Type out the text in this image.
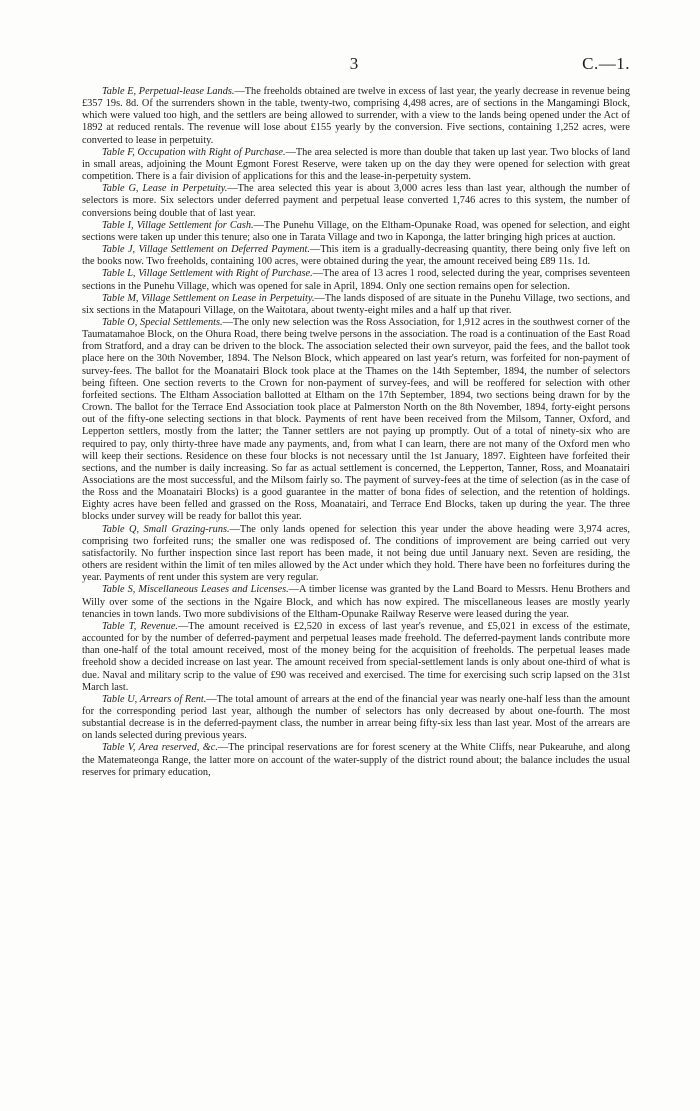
3	C.—1.

Table E, Perpetual-lease Lands.—The freeholds obtained are twelve in excess of last year, the yearly decrease in revenue being £357 19s. 8d. Of the surrenders shown in the table, twenty-two, comprising 4,498 acres, are of sections in the Mangamingi Block, which were valued too high, and the settlers are being allowed to surrender, with a view to the lands being opened under the Act of 1892 at reduced rentals. The revenue will lose about £155 yearly by the conversion. Five sections, containing 1,252 acres, were converted to lease in perpetuity.

Table F, Occupation with Right of Purchase.—The area selected is more than double that taken up last year. Two blocks of land in small areas, adjoining the Mount Egmont Forest Reserve, were taken up on the day they were opened for selection with great competition. There is a fair division of applications for this and the lease-in-perpetuity system.

Table G, Lease in Perpetuity.—The area selected this year is about 3,000 acres less than last year, although the number of selectors is more. Six selectors under deferred payment and perpetual lease converted 1,746 acres to this system, the number of conversions being double that of last year.

Table I, Village Settlement for Cash.—The Punehu Village, on the Eltham-Opunake Road, was opened for selection, and eight sections were taken up under this tenure; also one in Tarata Village and two in Kaponga, the latter bringing high prices at auction.

Table J, Village Settlement on Deferred Payment.—This item is a gradually-decreasing quantity, there being only five left on the books now. Two freeholds, containing 100 acres, were obtained during the year, the amount received being £89 11s. 1d.

Table L, Village Settlement with Right of Purchase.—The area of 13 acres 1 rood, selected during the year, comprises seventeen sections in the Punehu Village, which was opened for sale in April, 1894. Only one section remains open for selection.

Table M, Village Settlement on Lease in Perpetuity.—The lands disposed of are situate in the Punehu Village, two sections, and six sections in the Matapouri Village, on the Waitotara, about twenty-eight miles and a half up that river.

Table O, Special Settlements.—The only new selection was the Ross Association, for 1,912 acres in the southwest corner of the Taumatamahoe Block, on the Ohura Road, there being twelve persons in the association. The road is a continuation of the East Road from Stratford, and a dray can be driven to the block. The association selected their own surveyor, paid the fees, and the ballot took place here on the 30th November, 1894. The Nelson Block, which appeared on last year's return, was forfeited for non-payment of survey-fees. The ballot for the Moanatairi Block took place at the Thames on the 14th September, 1894, the number of selectors being fifteen. One section reverts to the Crown for non-payment of survey-fees, and will be reoffered for selection with other forfeited sections. The Eltham Association ballotted at Eltham on the 17th September, 1894, two sections being drawn for by the Crown. The ballot for the Terrace End Association took place at Palmerston North on the 8th November, 1894, forty-eight persons out of the fifty-one selecting sections in that block. Payments of rent have been received from the Milsom, Tanner, Oxford, and Lepperton settlers, mostly from the latter; the Tanner settlers are not paying up promptly. Out of a total of ninety-six who are required to pay, only thirty-three have made any payments, and, from what I can learn, there are not many of the Oxford men who will keep their sections. Residence on these four blocks is not necessary until the 1st January, 1897. Eighteen have forfeited their sections, and the number is daily increasing. So far as actual settlement is concerned, the Lepperton, Tanner, Ross, and Moanatairi Associations are the most successful, and the Milsom fairly so. The payment of survey-fees at the time of selection (as in the case of the Ross and the Moanatairi Blocks) is a good guarantee in the matter of bona fides of selection, and the retention of holdings. Eighty acres have been felled and grassed on the Ross, Moanatairi, and Terrace End Blocks, taken up during the year. The three blocks under survey will be ready for ballot this year.

Table Q, Small Grazing-runs.—The only lands opened for selection this year under the above heading were 3,974 acres, comprising two forfeited runs; the smaller one was redisposed of. The conditions of improvement are being carried out very satisfactorily. No further inspection since last report has been made, it not being due until January next. Seven are residing, the others are resident within the limit of ten miles allowed by the Act under which they hold. There have been no forfeitures during the year. Payments of rent under this system are very regular.

Table S, Miscellaneous Leases and Licenses.—A timber license was granted by the Land Board to Messrs. Henu Brothers and Willy over some of the sections in the Ngaire Block, and which has now expired. The miscellaneous leases are mostly yearly tenancies in town lands. Two more subdivisions of the Eltham-Opunake Railway Reserve were leased during the year.

Table T, Revenue.—The amount received is £2,520 in excess of last year's revenue, and £5,021 in excess of the estimate, accounted for by the number of deferred-payment and perpetual leases made freehold. The deferred-payment lands contribute more than one-half of the total amount received, most of the money being for the acquisition of freeholds. The perpetual leases made freehold show a decided increase on last year. The amount received from special-settlement lands is only about one-third of what is due. Naval and military scrip to the value of £90 was received and exercised. The time for exercising such scrip lapsed on the 31st March last.

Table U, Arrears of Rent.—The total amount of arrears at the end of the financial year was nearly one-half less than the amount for the corresponding period last year, although the number of selectors has only decreased by about one-fourth. The most substantial decrease is in the deferred-payment class, the number in arrear being fifty-six less than last year. Most of the arrears are on lands selected during previous years.

Table V, Area reserved, &c.—The principal reservations are for forest scenery at the White Cliffs, near Pukearuhe, and along the Matemateonga Range, the latter more on account of the water-supply of the district round about; the balance includes the usual reserves for primary education,
